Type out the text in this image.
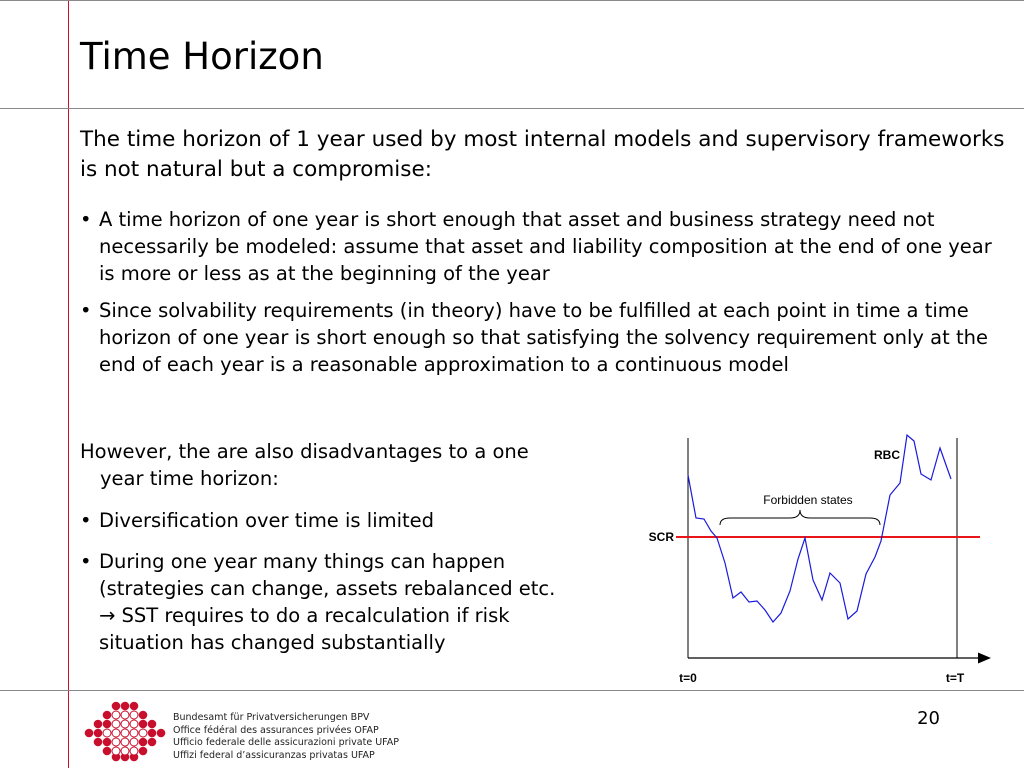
Time Horizon

The time horizon of 1 year used by most internal models and supervisory frameworks is not natural but a compromise:

• A time horizon of one year is short enough that asset and business strategy need not necessarily be modeled: assume that asset and liability composition at the end of one year is more or less as at the beginning of the year
• Since solvability requirements (in theory) have to be fulfilled at each point in time a time horizon of one year is short enough so that satisfying the solvency requirement only at the end of each year is a reasonable approximation to a continuous model

However, the are also disadvantages to a one year time horizon:

• Diversification over time is limited
• During one year many things can happen (strategies can change, assets rebalanced etc. → SST requires to do a recalculation if risk situation has changed substantially
RBC
SCR
Forbidden states
t=0	t=T
Bundesamt für Privatversicherungen BPV
Office fédéral des assurances privées OFAP
Ufficio federale delle assicurazioni private UFAP
Uffizi federal d’assicuranzas privatas UFAP
20
